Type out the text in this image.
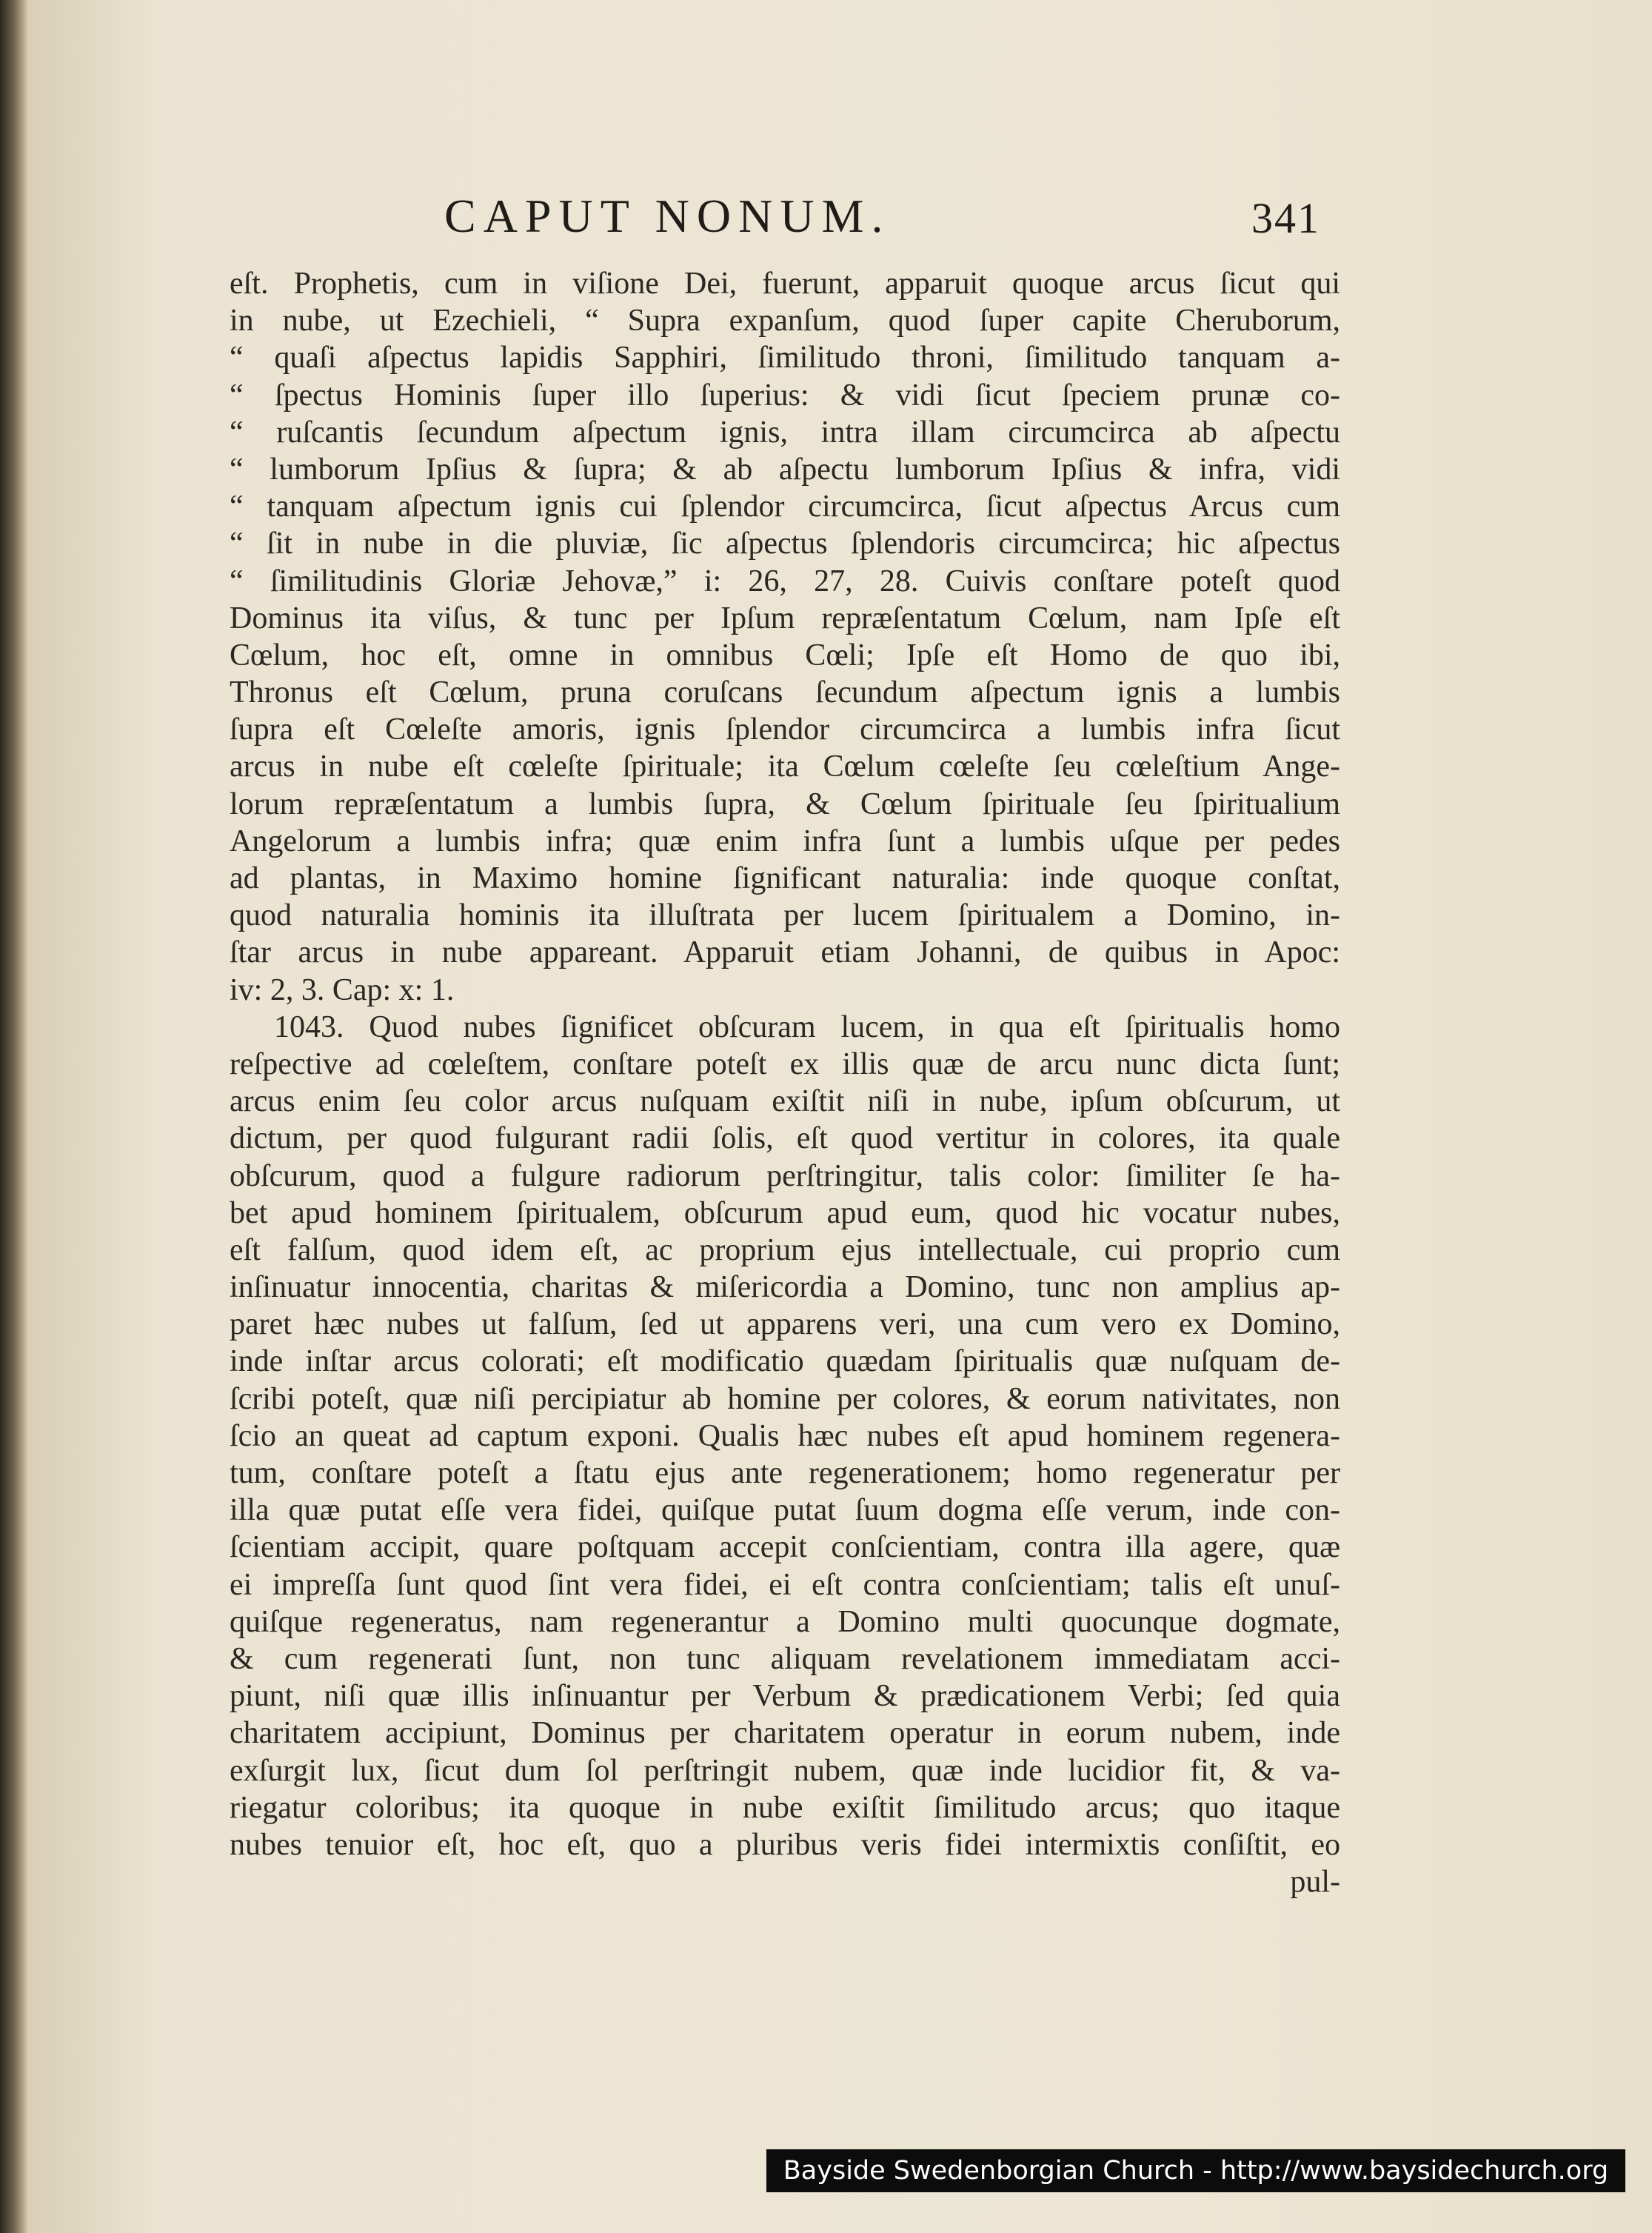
CAPUT NONUM.	341
eſt. Prophetis, cum in viſione Dei, fuerunt, apparuit quoque arcus ſicut qui
in nube, ut Ezechieli, “ Supra expanſum, quod ſuper capite Cheruborum,
“ quaſi aſpectus lapidis Sapphiri, ſimilitudo throni, ſimilitudo tanquam a-
“ ſpectus Hominis ſuper illo ſuperius: & vidi ſicut ſpeciem prunæ co-
“ ruſcantis ſecundum aſpectum ignis, intra illam circumcirca ab aſpectu
“ lumborum Ipſius & ſupra; & ab aſpectu lumborum Ipſius & infra, vidi
“ tanquam aſpectum ignis cui ſplendor circumcirca, ſicut aſpectus Arcus cum
“ ſit in nube in die pluviæ, ſic aſpectus ſplendoris circumcirca; hic aſpectus
“ ſimilitudinis Gloriæ Jehovæ,” i: 26, 27, 28. Cuivis conſtare poteſt quod
Dominus ita viſus, & tunc per Ipſum repræſentatum Cœlum, nam Ipſe eſt
Cœlum, hoc eſt, omne in omnibus Cœli; Ipſe eſt Homo de quo ibi,
Thronus eſt Cœlum, pruna coruſcans ſecundum aſpectum ignis a lumbis
ſupra eſt Cœleſte amoris, ignis ſplendor circumcirca a lumbis infra ſicut
arcus in nube eſt cœleſte ſpirituale; ita Cœlum cœleſte ſeu cœleſtium Ange-
lorum repræſentatum a lumbis ſupra, & Cœlum ſpirituale ſeu ſpiritualium
Angelorum a lumbis infra; quæ enim infra ſunt a lumbis uſque per pedes
ad plantas, in Maximo homine ſignificant naturalia: inde quoque conſtat,
quod naturalia hominis ita illuſtrata per lucem ſpiritualem a Domino, in-
ſtar arcus in nube appareant. Apparuit etiam Johanni, de quibus in Apoc:
iv: 2, 3. Cap: x: 1.
1043. Quod nubes ſignificet obſcuram lucem, in qua eſt ſpiritualis homo
reſpective ad cœleſtem, conſtare poteſt ex illis quæ de arcu nunc dicta ſunt;
arcus enim ſeu color arcus nuſquam exiſtit niſi in nube, ipſum obſcurum, ut
dictum, per quod fulgurant radii ſolis, eſt quod vertitur in colores, ita quale
obſcurum, quod a fulgure radiorum perſtringitur, talis color: ſimiliter ſe ha-
bet apud hominem ſpiritualem, obſcurum apud eum, quod hic vocatur nubes,
eſt falſum, quod idem eſt, ac proprium ejus intellectuale, cui proprio cum
inſinuatur innocentia, charitas & miſericordia a Domino, tunc non amplius ap-
paret hæc nubes ut falſum, ſed ut apparens veri, una cum vero ex Domino,
inde inſtar arcus colorati; eſt modificatio quædam ſpiritualis quæ nuſquam de-
ſcribi poteſt, quæ niſi percipiatur ab homine per colores, & eorum nativitates, non
ſcio an queat ad captum exponi. Qualis hæc nubes eſt apud hominem regenera-
tum, conſtare poteſt a ſtatu ejus ante regenerationem; homo regeneratur per
illa quæ putat eſſe vera fidei, quiſque putat ſuum dogma eſſe verum, inde con-
ſcientiam accipit, quare poſtquam accepit conſcientiam, contra illa agere, quæ
ei impreſſa ſunt quod ſint vera fidei, ei eſt contra conſcientiam; talis eſt unuſ-
quiſque regeneratus, nam regenerantur a Domino multi quocunque dogmate,
& cum regenerati ſunt, non tunc aliquam revelationem immediatam acci-
piunt, niſi quæ illis inſinuantur per Verbum & prædicationem Verbi; ſed quia
charitatem accipiunt, Dominus per charitatem operatur in eorum nubem, inde
exſurgit lux, ſicut dum ſol perſtringit nubem, quæ inde lucidior fit, & va-
riegatur coloribus; ita quoque in nube exiſtit ſimilitudo arcus; quo itaque
nubes tenuior eſt, hoc eſt, quo a pluribus veris fidei intermixtis conſiſtit, eo
pul-
Bayside Swedenborgian Church - http://www.baysidechurch.org
